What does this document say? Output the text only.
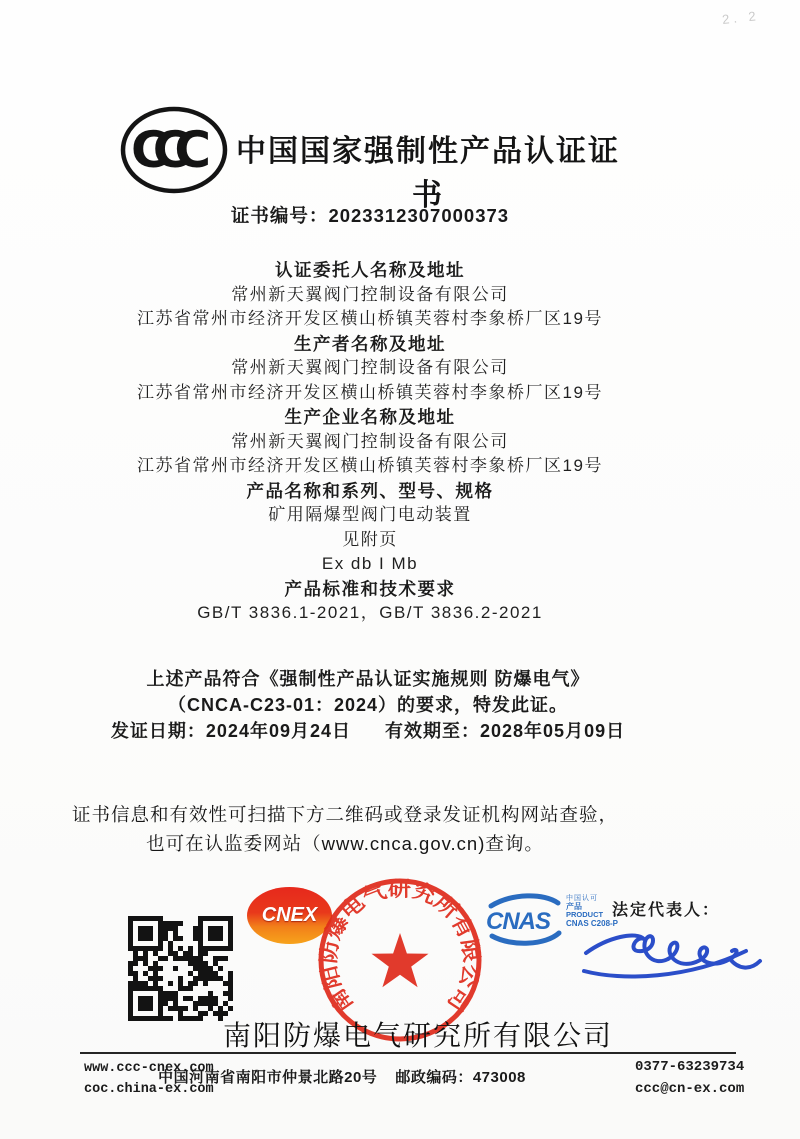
2. 2
CCC	中国国家强制性产品认证证书
证书编号：2023312307000373
认证委托人名称及地址
常州新天翼阀门控制设备有限公司
江苏省常州市经济开发区横山桥镇芙蓉村李象桥厂区19号
生产者名称及地址
常州新天翼阀门控制设备有限公司
江苏省常州市经济开发区横山桥镇芙蓉村李象桥厂区19号
生产企业名称及地址
常州新天翼阀门控制设备有限公司
江苏省常州市经济开发区横山桥镇芙蓉村李象桥厂区19号
产品名称和系列、型号、规格
矿用隔爆型阀门电动装置
见附页
Ex db I Mb
产品标准和技术要求
GB/T 3836.1-2021，GB/T 3836.2-2021
上述产品符合《强制性产品认证实施规则 防爆电气》
（CNCA-C23-01：2024）的要求，特发此证。
发证日期：2024年09月24日 有效期至：2028年05月09日
证书信息和有效性可扫描下方二维码或登录发证机构网站查验，
也可在认监委网站（www.cnca.gov.cn)查询。
CNEX
南阳防爆电气研究所有限公司
CNAS
中国认可
产品
PRODUCT
CNAS C208-P
法定代表人：
南阳防爆电气研究所有限公司
www.ccc-cnex.com
coc.china-ex.com
中国河南省南阳市仲景北路20号 邮政编码：473008
0377-63239734
ccc@cn-ex.com
